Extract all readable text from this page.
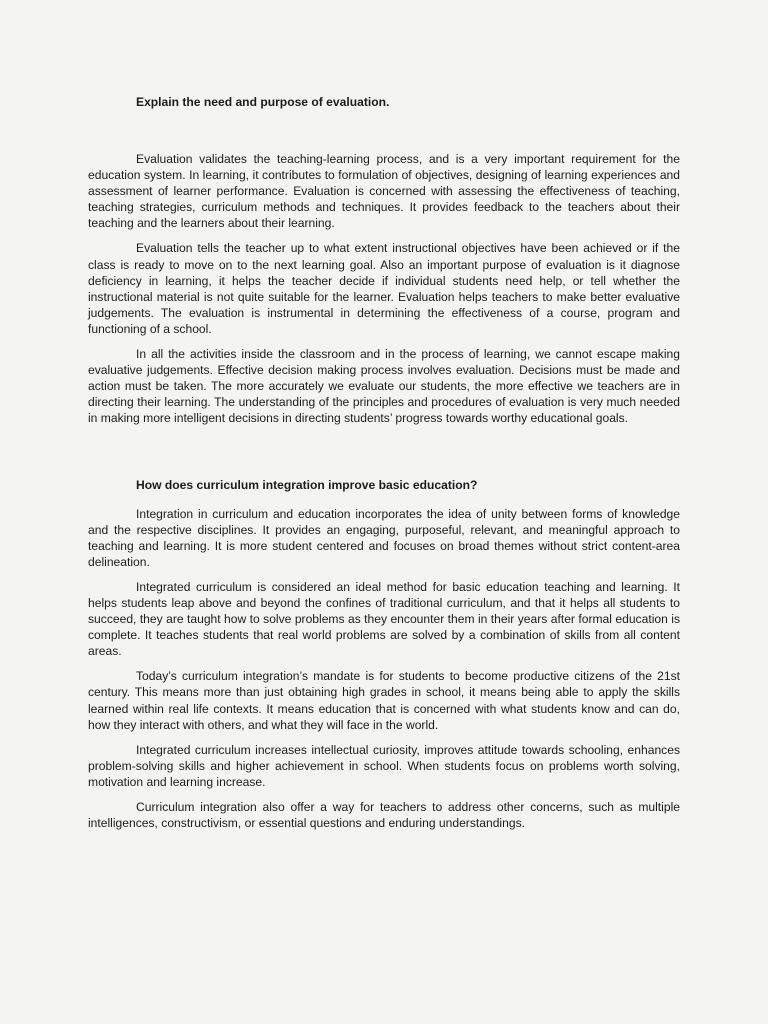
Explain the need and purpose of evaluation.

Evaluation validates the teaching-learning process, and is a very important requirement for the education system. In learning, it contributes to formulation of objectives, designing of learning experiences and assessment of learner performance. Evaluation is concerned with assessing the effectiveness of teaching, teaching strategies, curriculum methods and techniques. It provides feedback to the teachers about their teaching and the learners about their learning.

Evaluation tells the teacher up to what extent instructional objectives have been achieved or if the class is ready to move on to the next learning goal. Also an important purpose of evaluation is it diagnose deficiency in learning, it helps the teacher decide if individual students need help, or tell whether the instructional material is not quite suitable for the learner. Evaluation helps teachers to make better evaluative judgements. The evaluation is instrumental in determining the effectiveness of a course, program and functioning of a school.

In all the activities inside the classroom and in the process of learning, we cannot escape making evaluative judgements. Effective decision making process involves evaluation. Decisions must be made and action must be taken. The more accurately we evaluate our students, the more effective we teachers are in directing their learning. The understanding of the principles and procedures of evaluation is very much needed in making more intelligent decisions in directing students’ progress towards worthy educational goals.

How does curriculum integration improve basic education?

Integration in curriculum and education incorporates the idea of unity between forms of knowledge and the respective disciplines. It provides an engaging, purposeful, relevant, and meaningful approach to teaching and learning. It is more student centered and focuses on broad themes without strict content-area delineation.

Integrated curriculum is considered an ideal method for basic education teaching and learning. It helps students leap above and beyond the confines of traditional curriculum, and that it helps all students to succeed, they are taught how to solve problems as they encounter them in their years after formal education is complete. It teaches students that real world problems are solved by a combination of skills from all content areas.

Today’s curriculum integration’s mandate is for students to become productive citizens of the 21st century. This means more than just obtaining high grades in school, it means being able to apply the skills learned within real life contexts. It means education that is concerned with what students know and can do, how they interact with others, and what they will face in the world.

Integrated curriculum increases intellectual curiosity, improves attitude towards schooling, enhances problem-solving skills and higher achievement in school. When students focus on problems worth solving, motivation and learning increase.

Curriculum integration also offer a way for teachers to address other concerns, such as multiple intelligences, constructivism, or essential questions and enduring understandings.
